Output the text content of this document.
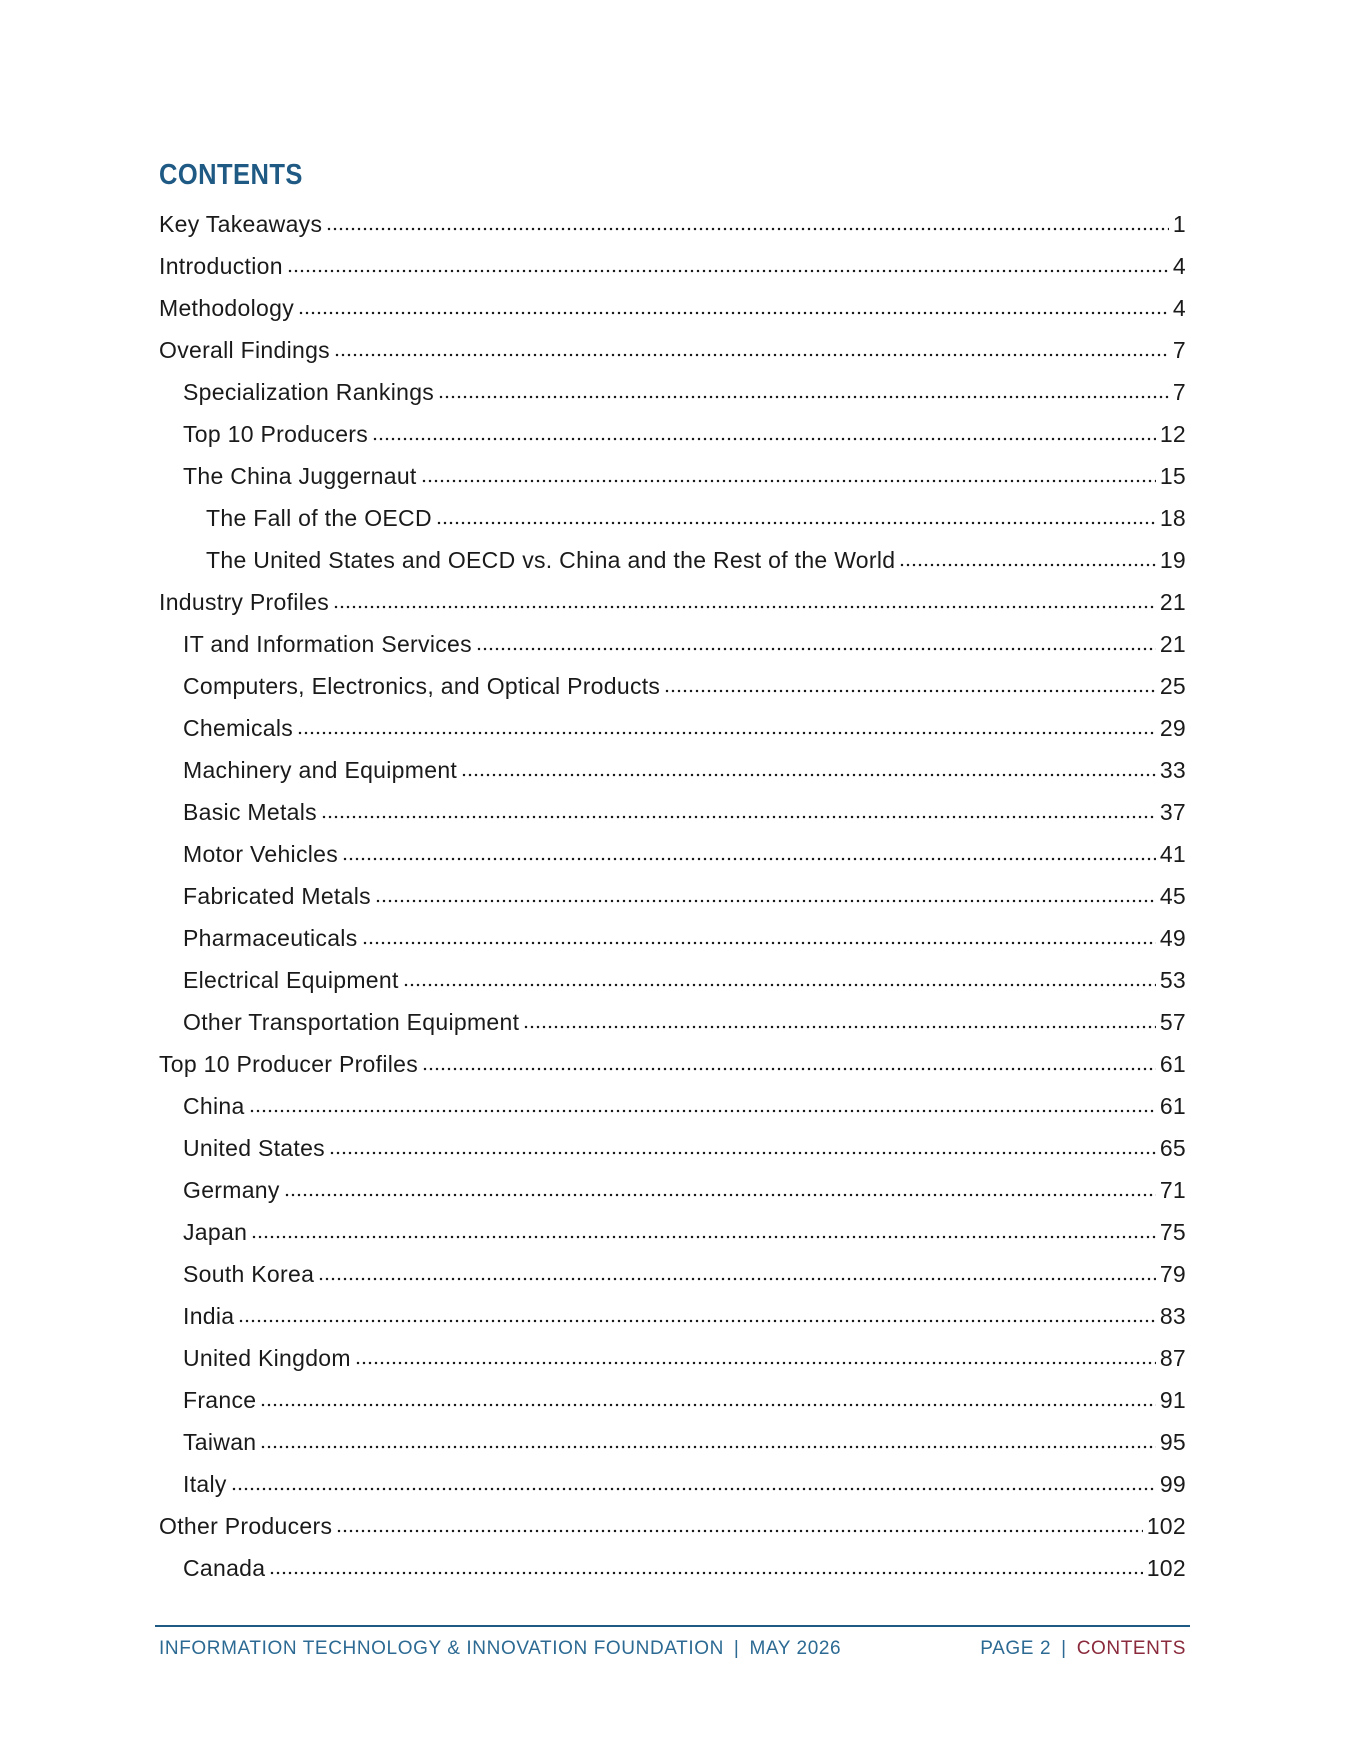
CONTENTS
Key Takeaways	1
Introduction	4
Methodology	4
Overall Findings	7
Specialization Rankings	7
Top 10 Producers	12
The China Juggernaut	15
The Fall of the OECD	18
The United States and OECD vs. China and the Rest of the World	19
Industry Profiles	21
IT and Information Services	21
Computers, Electronics, and Optical Products	25
Chemicals	29
Machinery and Equipment	33
Basic Metals	37
Motor Vehicles	41
Fabricated Metals	45
Pharmaceuticals	49
Electrical Equipment	53
Other Transportation Equipment	57
Top 10 Producer Profiles	61
China	61
United States	65
Germany	71
Japan	75
South Korea	79
India	83
United Kingdom	87
France	91
Taiwan	95
Italy	99
Other Producers	102
Canada	102
INFORMATION TECHNOLOGY & INNOVATION FOUNDATION | MAY 2026	PAGE 2 | CONTENTS
